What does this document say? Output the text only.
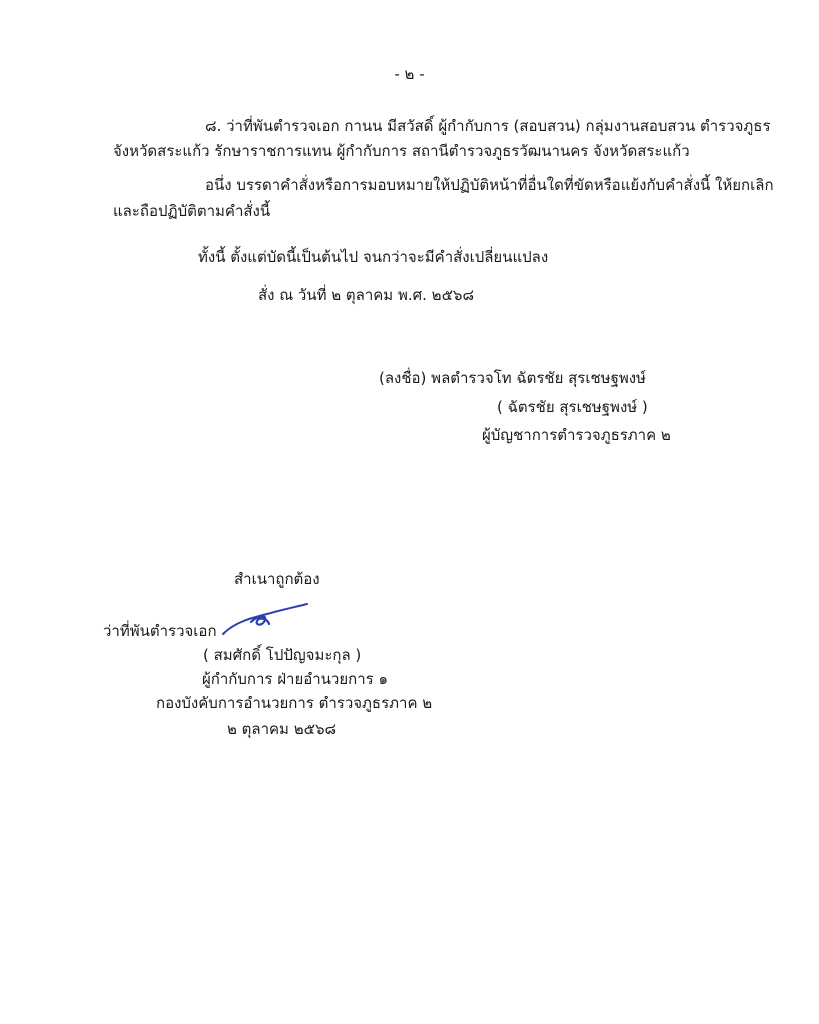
- ๒ -
๘. ว่าที่พันตำรวจเอก กานน มีสวัสดิ์ ผู้กำกับการ (สอบสวน) กลุ่มงานสอบสวน ตำรวจภูธร
จังหวัดสระแก้ว รักษาราชการแทน ผู้กำกับการ สถานีตำรวจภูธรวัฒนานคร จังหวัดสระแก้ว
อนึ่ง บรรดาคำสั่งหรือการมอบหมายให้ปฏิบัติหน้าที่อื่นใดที่ขัดหรือแย้งกับคำสั่งนี้ ให้ยกเลิก
และถือปฏิบัติตามคำสั่งนี้
ทั้งนี้ ตั้งแต่บัดนี้เป็นต้นไป จนกว่าจะมีคำสั่งเปลี่ยนแปลง
สั่ง ณ วันที่ ๒ ตุลาคม พ.ศ. ๒๕๖๘
(ลงชื่อ) พลตำรวจโท ฉัตรชัย สุรเชษฐพงษ์
( ฉัตรชัย สุรเชษฐพงษ์ )
ผู้บัญชาการตำรวจภูธรภาค ๒
สำเนาถูกต้อง
ว่าที่พันตำรวจเอก
( สมศักดิ์ โปปัญจมะกุล )
ผู้กำกับการ ฝ่ายอำนวยการ ๑
กองบังคับการอำนวยการ ตำรวจภูธรภาค ๒
๒ ตุลาคม ๒๕๖๘
